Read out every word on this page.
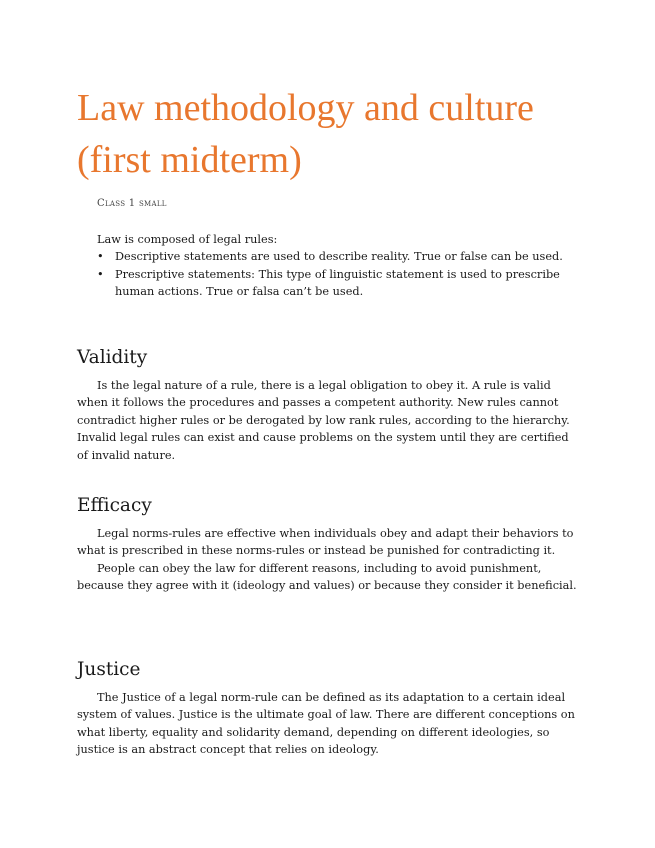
Law methodology and culture (first midterm)
Class 1 small

Law is composed of legal rules:

• Descriptive statements are used to describe reality. True or false can be used.
• Prescriptive statements: This type of linguistic statement is used to prescribe human actions. True or falsa can’t be used.
Validity

Is the legal nature of a rule, there is a legal obligation to obey it. A rule is valid when it follows the procedures and passes a competent authority. New rules cannot contradict higher rules or be derogated by low rank rules, according to the hierarchy. Invalid legal rules can exist and cause problems on the system until they are certified of invalid nature.

Efficacy

Legal norms-rules are effective when individuals obey and adapt their behaviors to what is prescribed in these norms-rules or instead be punished for contradicting it.

People can obey the law for different reasons, including to avoid punishment, because they agree with it (ideology and values) or because they consider it beneficial.

Justice

The Justice of a legal norm-rule can be defined as its adaptation to a certain ideal system of values. Justice is the ultimate goal of law. There are different conceptions on what liberty, equality and solidarity demand, depending on different ideologies, so justice is an abstract concept that relies on ideology.
